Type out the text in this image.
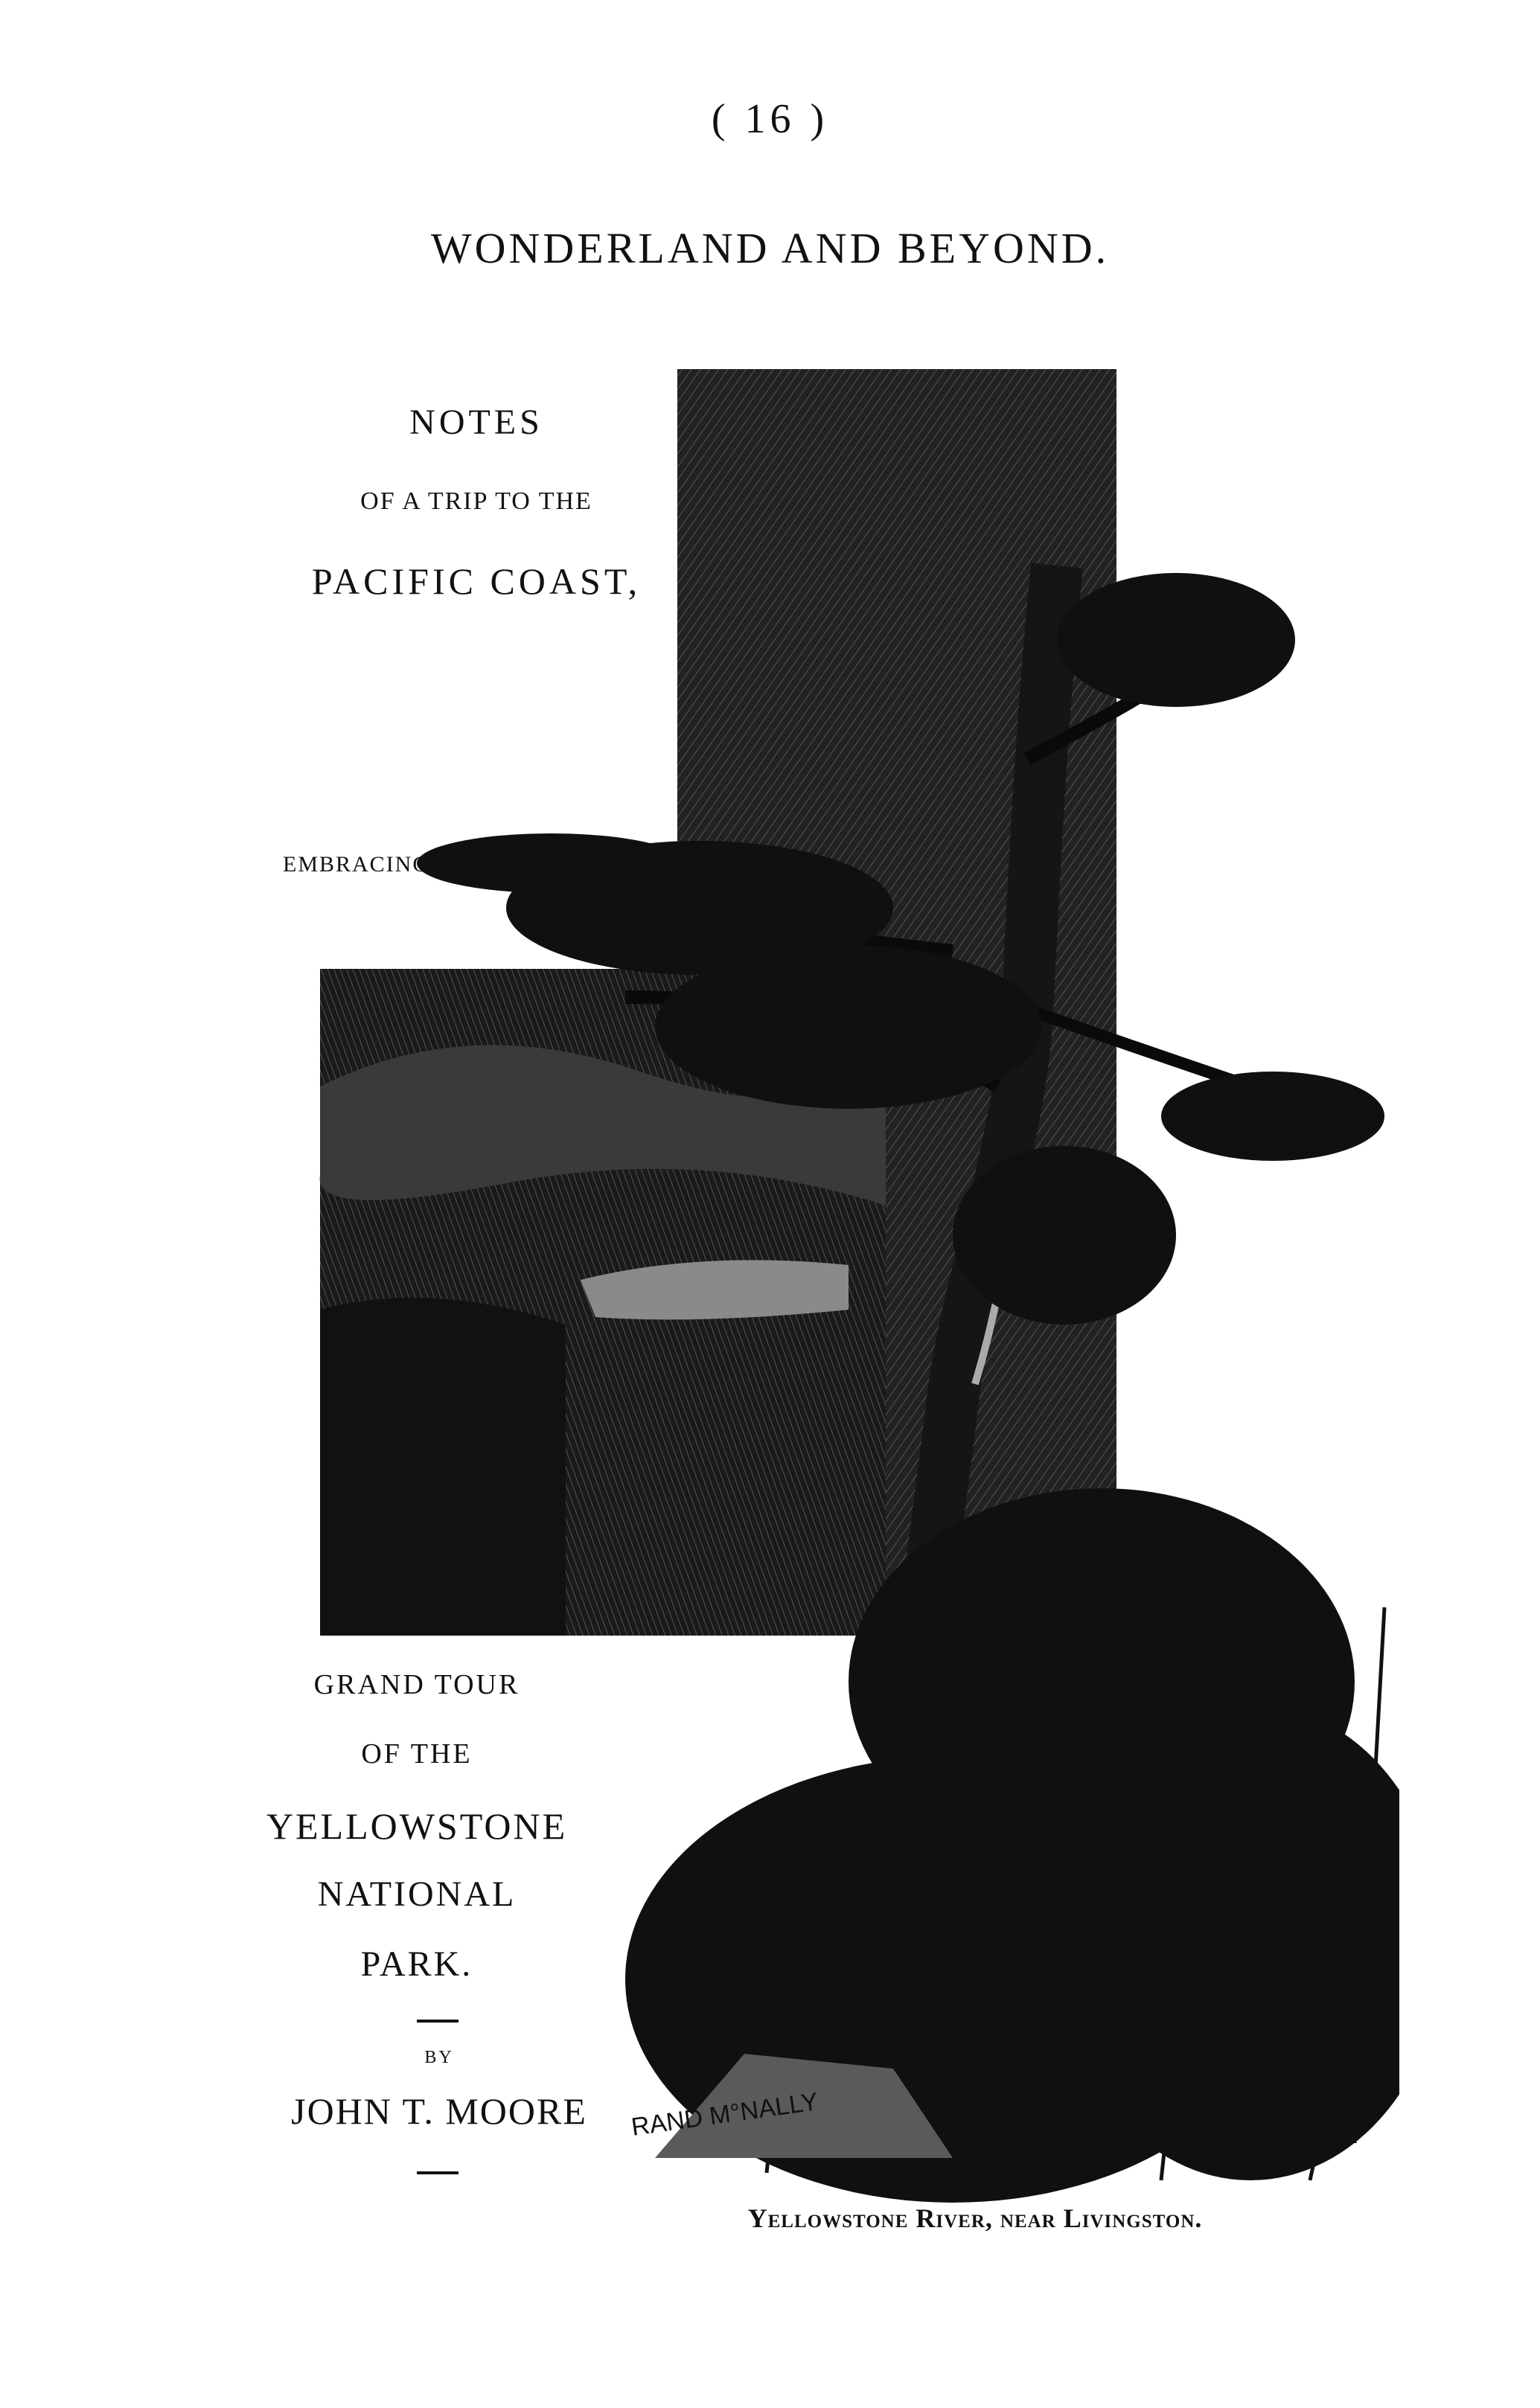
( 16 )
WONDERLAND AND BEYOND.
RAND M°NALLY
NOTES
OF A TRIP TO THE
PACIFIC COAST,
EMBRACING THE
GRAND TOUR
OF THE
YELLOWSTONE
NATIONAL
PARK.
BY
JOHN T. MOORE
Yellowstone River, near Livingston.
